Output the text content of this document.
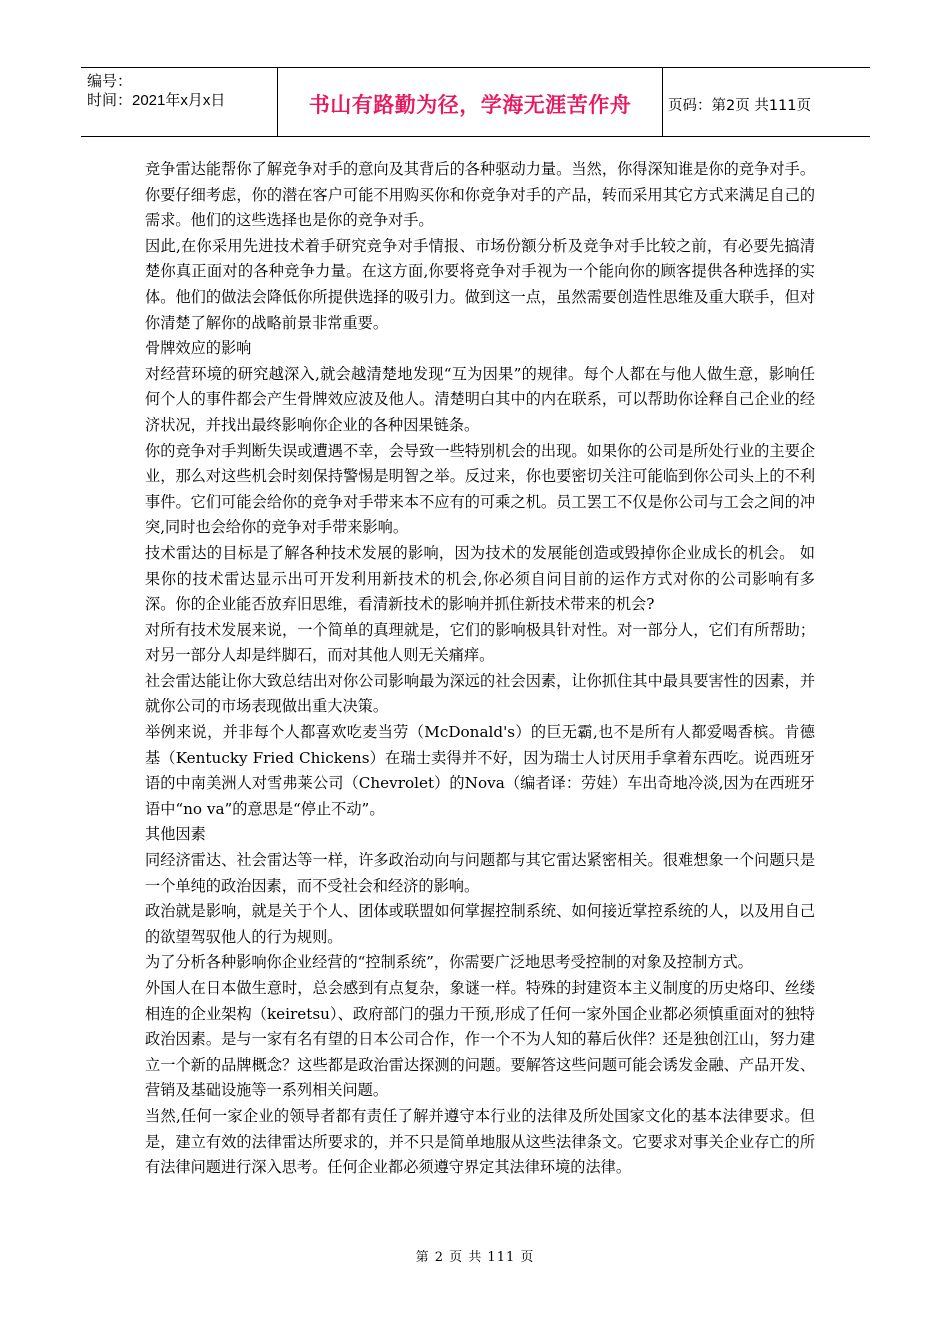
编号：
时间：2021年x月x日	书山有路勤为径，学海无涯苦作舟	页码：第2页 共111页

竞争雷达能帮你了解竞争对手的意向及其背后的各种驱动力量。当然，你得深知谁是你的竞争对手。你要仔细考虑，你的潜在客户可能不用购买你和你竞争对手的产品，转而采用其它方式来满足自己的需求。他们的这些选择也是你的竞争对手。

因此,在你采用先进技术着手研究竞争对手情报、市场份额分析及竞争对手比较之前，有必要先搞清楚你真正面对的各种竞争力量。在这方面,你要将竞争对手视为一个能向你的顾客提供各种选择的实体。他们的做法会降低你所提供选择的吸引力。做到这一点，虽然需要创造性思维及重大联手，但对你清楚了解你的战略前景非常重要。

骨牌效应的影响

对经营环境的研究越深入,就会越清楚地发现“互为因果”的规律。每个人都在与他人做生意，影响任何个人的事件都会产生骨牌效应波及他人。清楚明白其中的内在联系，可以帮助你诠释自己企业的经济状况，并找出最终影响你企业的各种因果链条。

你的竞争对手判断失误或遭遇不幸，会导致一些特别机会的出现。如果你的公司是所处行业的主要企业，那么对这些机会时刻保持警惕是明智之举。反过来，你也要密切关注可能临到你公司头上的不利事件。它们可能会给你的竞争对手带来本不应有的可乘之机。员工罢工不仅是你公司与工会之间的冲突,同时也会给你的竞争对手带来影响。

技术雷达的目标是了解各种技术发展的影响，因为技术的发展能创造或毁掉你企业成长的机会。 如果你的技术雷达显示出可开发利用新技术的机会,你必须自问目前的运作方式对你的公司影响有多深。你的企业能否放弃旧思维，看清新技术的影响并抓住新技术带来的机会?

对所有技术发展来说，一个简单的真理就是，它们的影响极具针对性。对一部分人，它们有所帮助；对另一部分人却是绊脚石，而对其他人则无关痛痒。

社会雷达能让你大致总结出对你公司影响最为深远的社会因素，让你抓住其中最具要害性的因素，并就你公司的市场表现做出重大决策。

举例来说，并非每个人都喜欢吃麦当劳（McDonald's）的巨无霸,也不是所有人都爱喝香槟。肯德基（Kentucky Fried Chickens）在瑞士卖得并不好，因为瑞士人讨厌用手拿着东西吃。说西班牙语的中南美洲人对雪弗莱公司（Chevrolet）的Nova（编者译：劳娃）车出奇地冷淡,因为在西班牙语中“no va”的意思是“停止不动”。

其他因素

同经济雷达、社会雷达等一样，许多政治动向与问题都与其它雷达紧密相关。很难想象一个问题只是一个单纯的政治因素，而不受社会和经济的影响。

政治就是影响，就是关于个人、团体或联盟如何掌握控制系统、如何接近掌控系统的人，以及用自己的欲望驾驭他人的行为规则。

为了分析各种影响你企业经营的“控制系统”，你需要广泛地思考受控制的对象及控制方式。

外国人在日本做生意时，总会感到有点复杂，象谜一样。特殊的封建资本主义制度的历史烙印、丝缕相连的企业架构（keiretsu）、政府部门的强力干预,形成了任何一家外国企业都必须慎重面对的独特政治因素。是与一家有名有望的日本公司合作，作一个不为人知的幕后伙伴？还是独创江山，努力建立一个新的品牌概念？这些都是政治雷达探测的问题。要解答这些问题可能会诱发金融、产品开发、营销及基础设施等一系列相关问题。

当然,任何一家企业的领导者都有责任了解并遵守本行业的法律及所处国家文化的基本法律要求。但是，建立有效的法律雷达所要求的，并不只是简单地服从这些法律条文。它要求对事关企业存亡的所有法律问题进行深入思考。任何企业都必须遵守界定其法律环境的法律。

第 2 页 共 111 页
